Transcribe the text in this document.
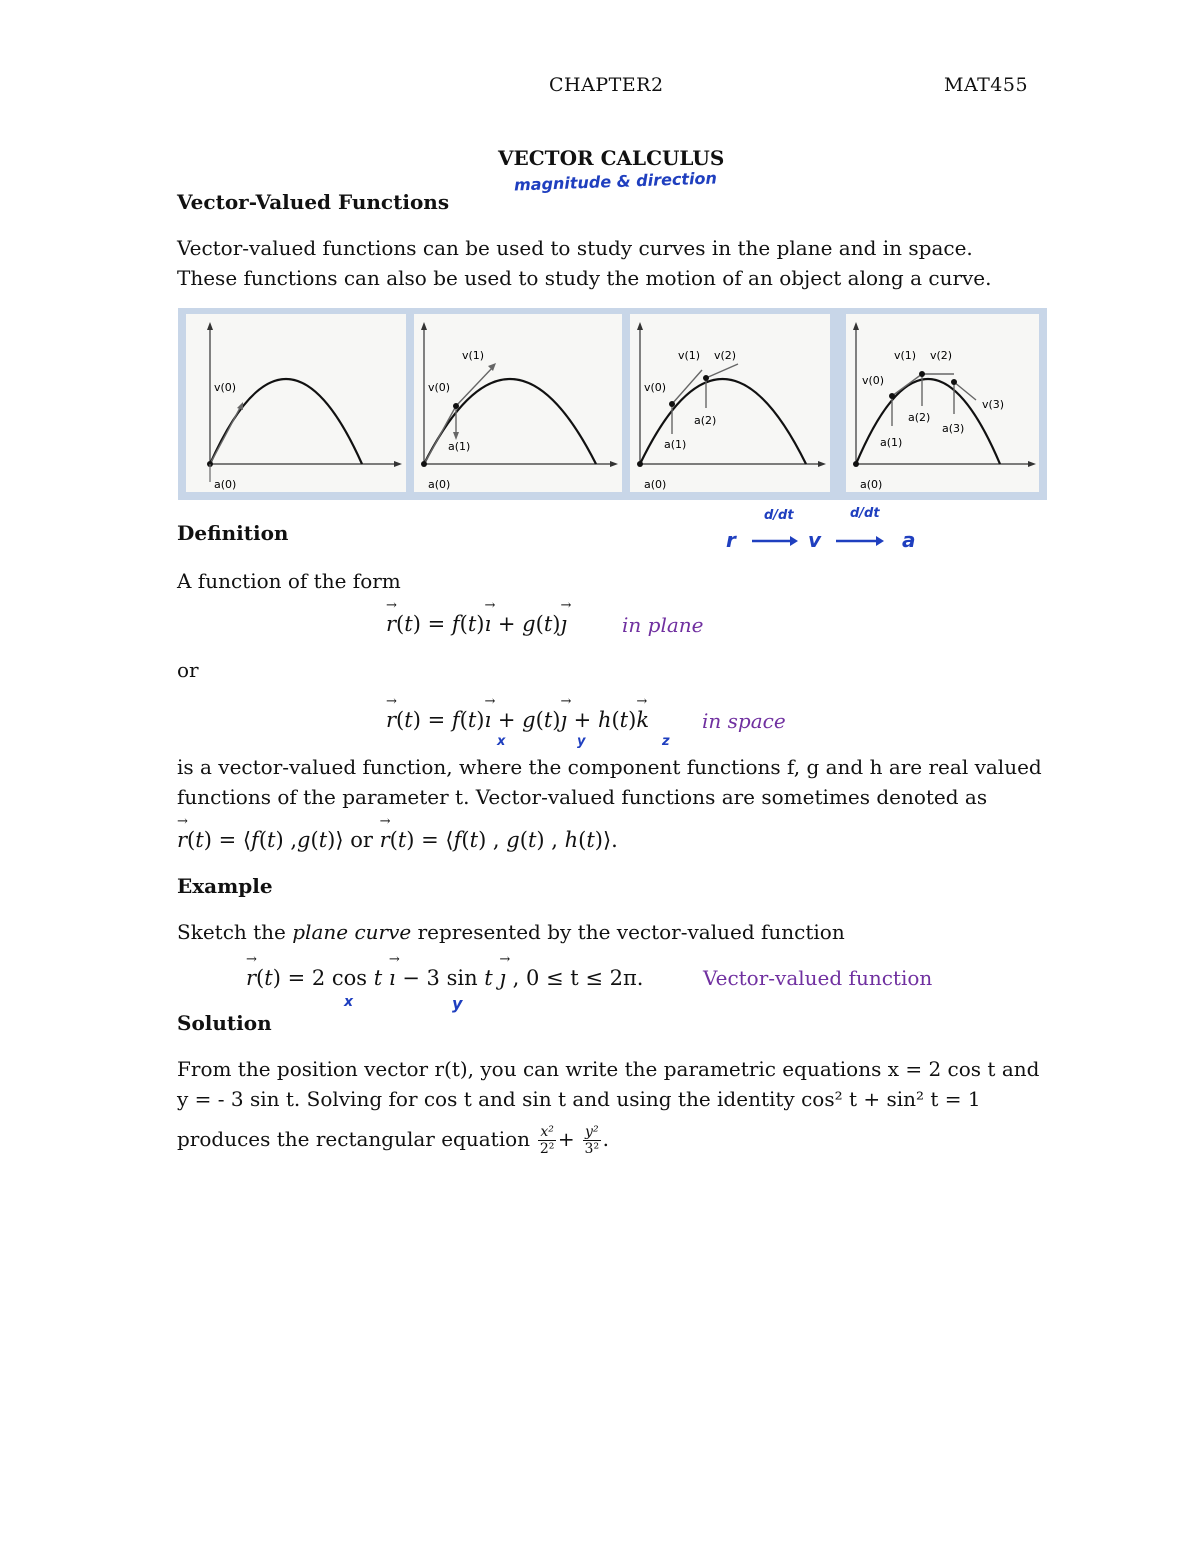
CHAPTER2	MAT455
VECTOR CALCULUS
magnitude & direction
Vector-Valued Functions
Vector-valued functions can be used to study curves in the plane and in space. These functions can also be used to study the motion of an object along a curve.
v(0)
a(0)
v(1)
v(0)
a(1)
a(0)
v(1) v(2)
v(0)
a(2)
a(1)
a(0)
v(1) v(2)
v(0)
v(3)
a(2)
a(3)
a(1)
a(0)
Definition
d/dt	d/dt
r	v	a
A function of the form
→ r(t) = f(t)→ ı + g(t)→ ȷ	in plane
or
→ r(t) = f(t)→ ı + g(t)→ ȷ + h(t)→ k	in space
x	y	z
is a vector-valued function, where the component functions f, g and h are real valued functions of the parameter t. Vector-valued functions are sometimes denoted as
→ r(t) = ⟨f(t) ,g(t)⟩ or → r(t) = ⟨f(t) , g(t) , h(t)⟩.
Example
Sketch the plane curve represented by the vector-valued function
→ r(t) = 2 cos t → ı − 3 sin t → ȷ , 0 ≤ t ≤ 2π.	Vector-valued function
x	y
Solution
From the position vector r(t), you can write the parametric equations x = 2 cos t and
y = - 3 sin t. Solving for cos t and sin t and using the identity cos² t + sin² t = 1
produces the rectangular equation $\frac{\text{x²}}{\text{2²}} + \frac{\text{y²}}{\text{3²}}$ .
